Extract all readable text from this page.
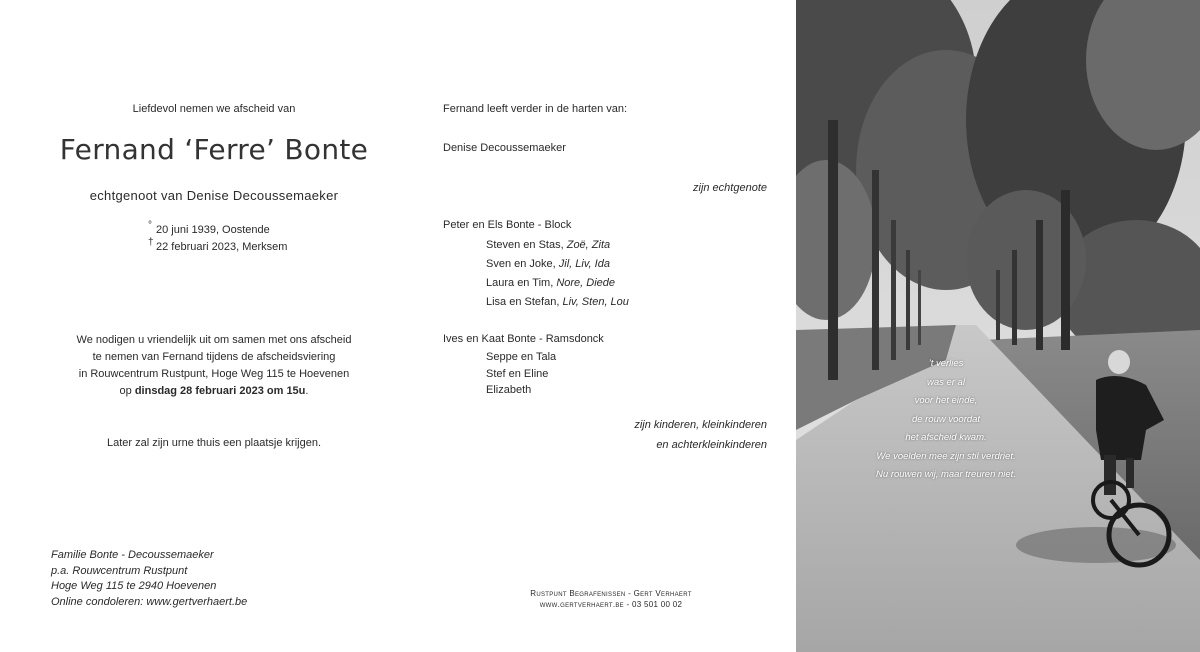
Liefdevol nemen we afscheid van
Fernand ‘Ferre’ Bonte
echtgenoot van Denise Decoussemaeker
° 20 juni 1939, Oostende
† 22 februari 2023, Merksem
We nodigen u vriendelijk uit om samen met ons afscheid
te nemen van Fernand tijdens de afscheidsviering
in Rouwcentrum Rustpunt, Hoge Weg 115 te Hoevenen
op dinsdag 28 februari 2023 om 15u.
Later zal zijn urne thuis een plaatsje krijgen.
Familie Bonte - Decoussemaeker
p.a. Rouwcentrum Rustpunt
Hoge Weg 115 te 2940 Hoevenen
Online condoleren: www.gertverhaert.be
Fernand leeft verder in de harten van:
Denise Decoussemaeker
zijn echtgenote
Peter en Els Bonte - Block
Steven en Stas, Zoë, Zita
Sven en Joke, Jil, Liv, Ida
Laura en Tim, Nore, Diede
Lisa en Stefan, Liv, Sten, Lou
Ives en Kaat Bonte - Ramsdonck
Seppe en Tala
Stef en Eline
Elizabeth
zijn kinderen, kleinkinderen
en achterkleinkinderen
Rustpunt Begrafenissen - Gert Verhaert
www.gertverhaert.be - 03 501 00 02
’t verlies
was er al
voor het einde,
de rouw voordat
het afscheid kwam.
We voelden mee zijn stil verdriet.
Nu rouwen wij, maar treuren niet.
